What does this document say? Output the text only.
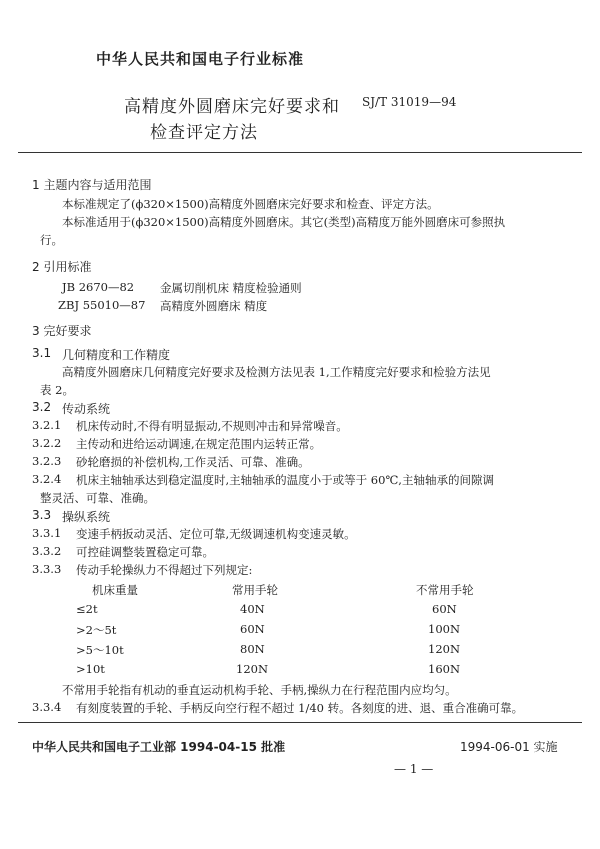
中华人民共和国电子行业标准
高精度外圆磨床完好要求和
检查评定方法
SJ/T 31019—94
1 主题内容与适用范围
本标准规定了(ϕ320×1500)高精度外圆磨床完好要求和检查、评定方法。
本标准适用于(ϕ320×1500)高精度外圆磨床。其它(类型)高精度万能外圆磨床可参照执
行。
2 引用标准
JB 2670—82 金属切削机床 精度检验通则
ZBJ 55010—87 高精度外圆磨床 精度
3 完好要求
3.1 几何精度和工作精度
高精度外圆磨床几何精度完好要求及检测方法见表 1,工作精度完好要求和检验方法见
表 2。
3.2 传动系统
3.2.1 机床传动时,不得有明显振动,不规则冲击和异常噪音。
3.2.2 主传动和进给运动调速,在规定范围内运转正常。
3.2.3 砂轮磨损的补偿机构,工作灵活、可靠、准确。
3.2.4 机床主轴轴承达到稳定温度时,主轴轴承的温度小于或等于 60℃,主轴轴承的间隙调
整灵活、可靠、准确。
3.3 操纵系统
3.3.1 变速手柄扳动灵活、定位可靠,无级调速机构变速灵敏。
3.3.2 可控硅调整装置稳定可靠。
3.3.3 传动手轮操纵力不得超过下列规定:
机床重量	常用手轮	不常用手轮
≤2t	40N	60N
>2～5t	60N	100N
>5～10t	80N	120N
>10t	120N	160N
不常用手轮指有机动的垂直运动机构手轮、手柄,操纵力在行程范围内应均匀。
3.3.4 有刻度装置的手轮、手柄反向空行程不超过 1/40 转。各刻度的进、退、重合准确可靠。
中华人民共和国电子工业部 1994-04-15 批准	1994-06-01 实施
— 1 —
